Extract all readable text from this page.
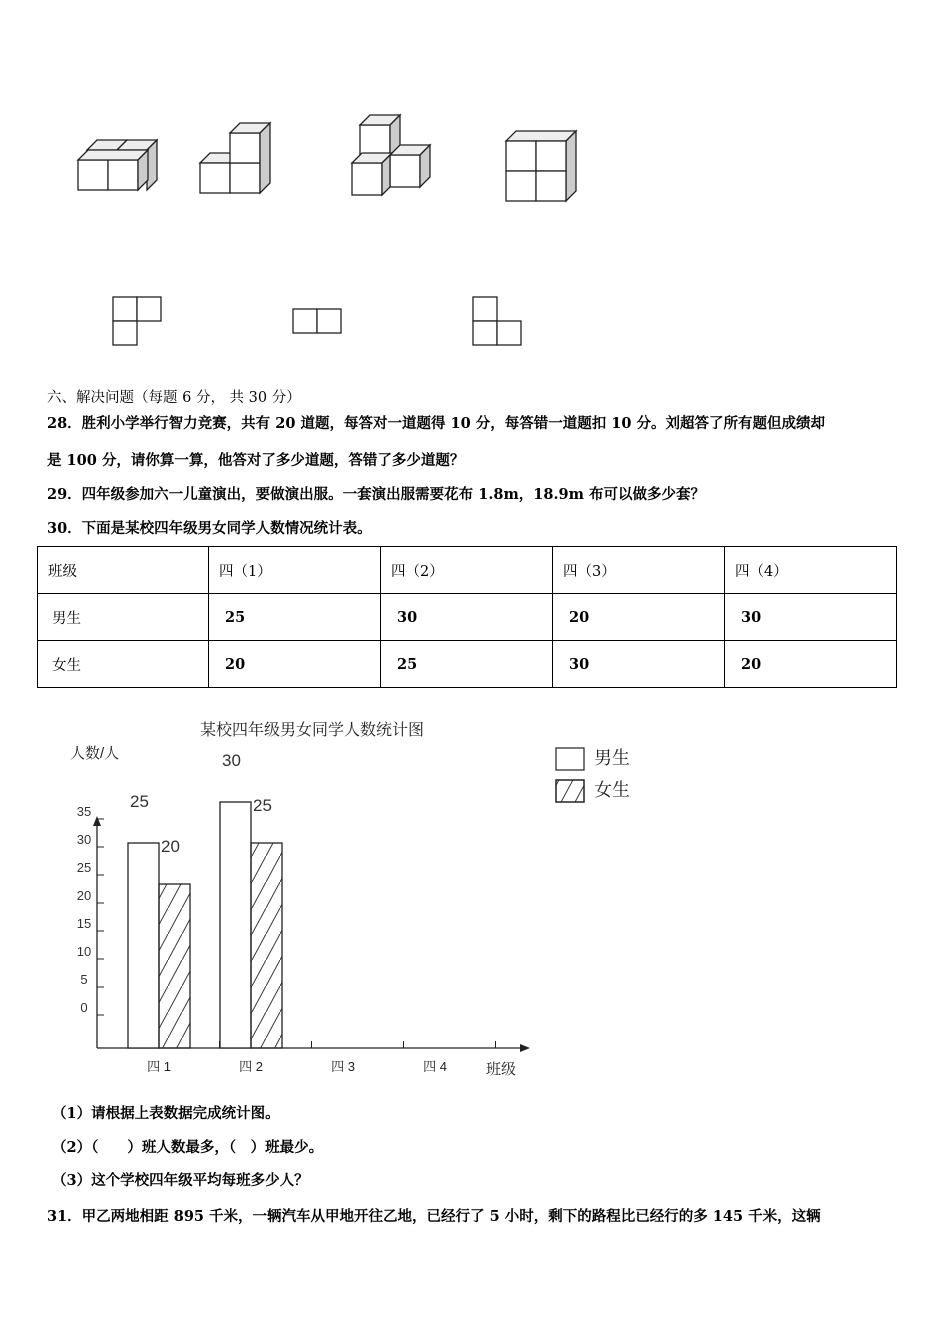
六、解决问题（每题 6 分， 共 30 分）
28．胜利小学举行智力竞赛，共有 20 道题，每答对一道题得 10 分，每答错一道题扣 10 分。刘超答了所有题但成绩却
是 100 分，请你算一算，他答对了多少道题，答错了多少道题？
29．四年级参加六一儿童演出，要做演出服。一套演出服需要花布 1.8m，18.9m 布可以做多少套？
30．下面是某校四年级男女同学人数情况统计表。
班级	四（1）	四（2）	四（3）	四（4）
男生	25	30	20	30
女生	20	25	30	20
某校四年级男女同学人数统计图
人数/人	男生
女生
班级
35
30
25
20
15
10
5
0
四 1	四 2	四 3	四 4
25
30
20
25
（1）请根据上表数据完成统计图。
（2）（　　）班人数最多，（　）班最少。
（3）这个学校四年级平均每班多少人？
31．甲乙两地相距 895 千米，一辆汽车从甲地开往乙地，已经行了 5 小时，剩下的路程比已经行的多 145 千米，这辆
